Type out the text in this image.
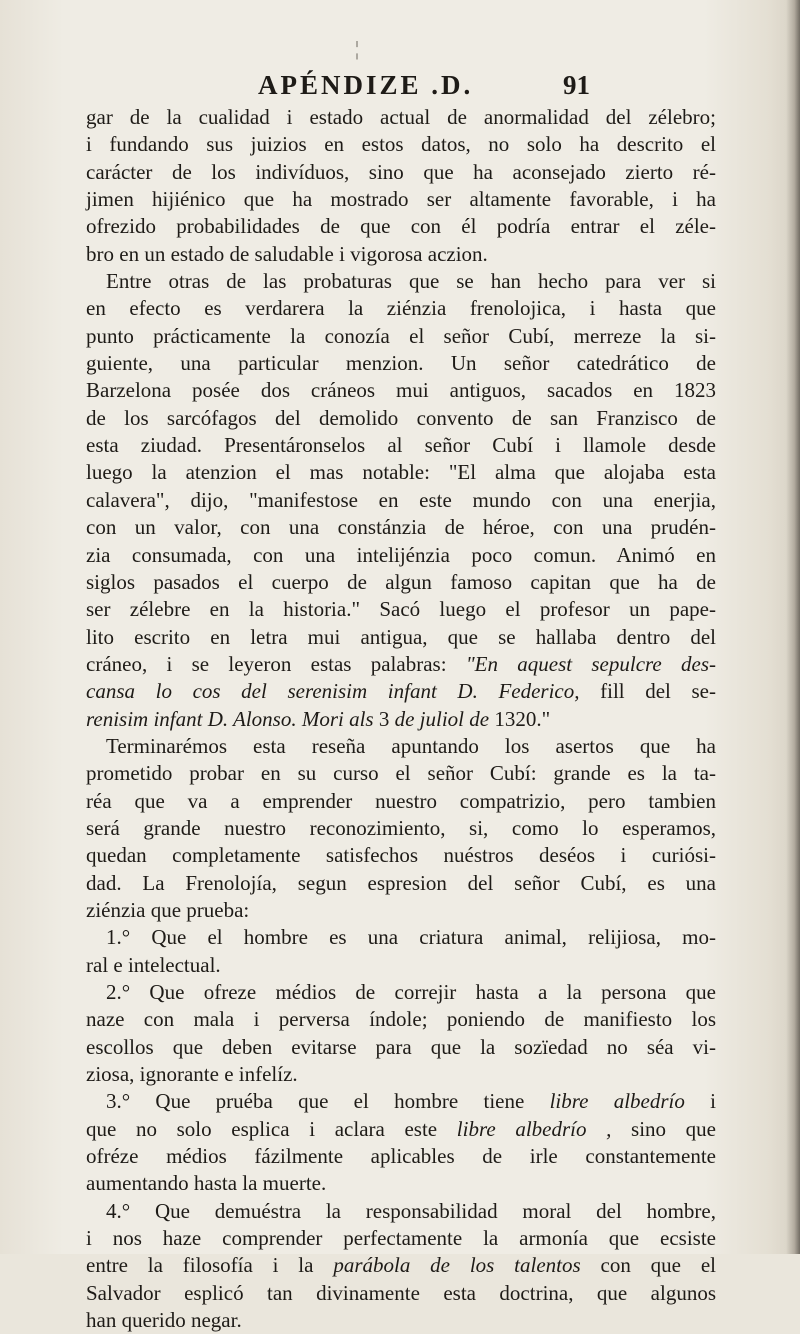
¦
APÉNDIZE .D.	91
gar de la cualidad i estado actual de anormalidad del zélebro;
i fundando sus juizios en estos datos, no solo ha descrito el
carácter de los indivíduos, sino que ha aconsejado zierto ré-
jimen hijiénico que ha mostrado ser altamente favorable, i ha
ofrezido probabilidades de que con él podría entrar el zéle-
bro en un estado de saludable i vigorosa aczion.
Entre otras de las probaturas que se han hecho para ver si
en efecto es verdarera la ziénzia frenolojica, i hasta que
punto prácticamente la conozía el señor Cubí, merreze la si-
guiente, una particular menzion. Un señor catedrático de
Barzelona posée dos cráneos mui antiguos, sacados en 1823
de los sarcófagos del demolido convento de san Franzisco de
esta ziudad. Presentáronselos al señor Cubí i llamole desde
luego la atenzion el mas notable: "El alma que alojaba esta
calavera", dijo, "manifestose en este mundo con una enerjia,
con un valor, con una constánzia de héroe, con una prudén-
zia consumada, con una intelijénzia poco comun. Animó en
siglos pasados el cuerpo de algun famoso capitan que ha de
ser zélebre en la historia." Sacó luego el profesor un pape-
lito escrito en letra mui antigua, que se hallaba dentro del
cráneo, i se leyeron estas palabras: "En aquest sepulcre des-
cansa lo cos del serenisim infant D. Federico, fill del se-
renisim infant D. Alonso. Mori als 3 de juliol de 1320."
Terminarémos esta reseña apuntando los asertos que ha
prometido probar en su curso el señor Cubí: grande es la ta-
réa que va a emprender nuestro compatrizio, pero tambien
será grande nuestro reconozimiento, si, como lo esperamos,
quedan completamente satisfechos nuéstros deséos i curiósi-
dad. La Frenolojía, segun espresion del señor Cubí, es una
ziénzia que prueba:
1.° Que el hombre es una criatura animal, relijiosa, mo-
ral e intelectual.
2.° Que ofreze médios de correjir hasta a la persona que
naze con mala i perversa índole; poniendo de manifiesto los
escollos que deben evitarse para que la sozïedad no séa vi-
ziosa, ignorante e infelíz.
3.° Que pruéba que el hombre tiene libre albedrío i
que no solo esplica i aclara este libre albedrío , sino que
ofréze médios fázilmente aplicables de irle constantemente
aumentando hasta la muerte.
4.° Que demuéstra la responsabilidad moral del hombre,
i nos haze comprender perfectamente la armonía que ecsiste
entre la filosofía i la parábola de los talentos con que el
Salvador esplicó tan divinamente esta doctrina, que algunos
han querido negar.
